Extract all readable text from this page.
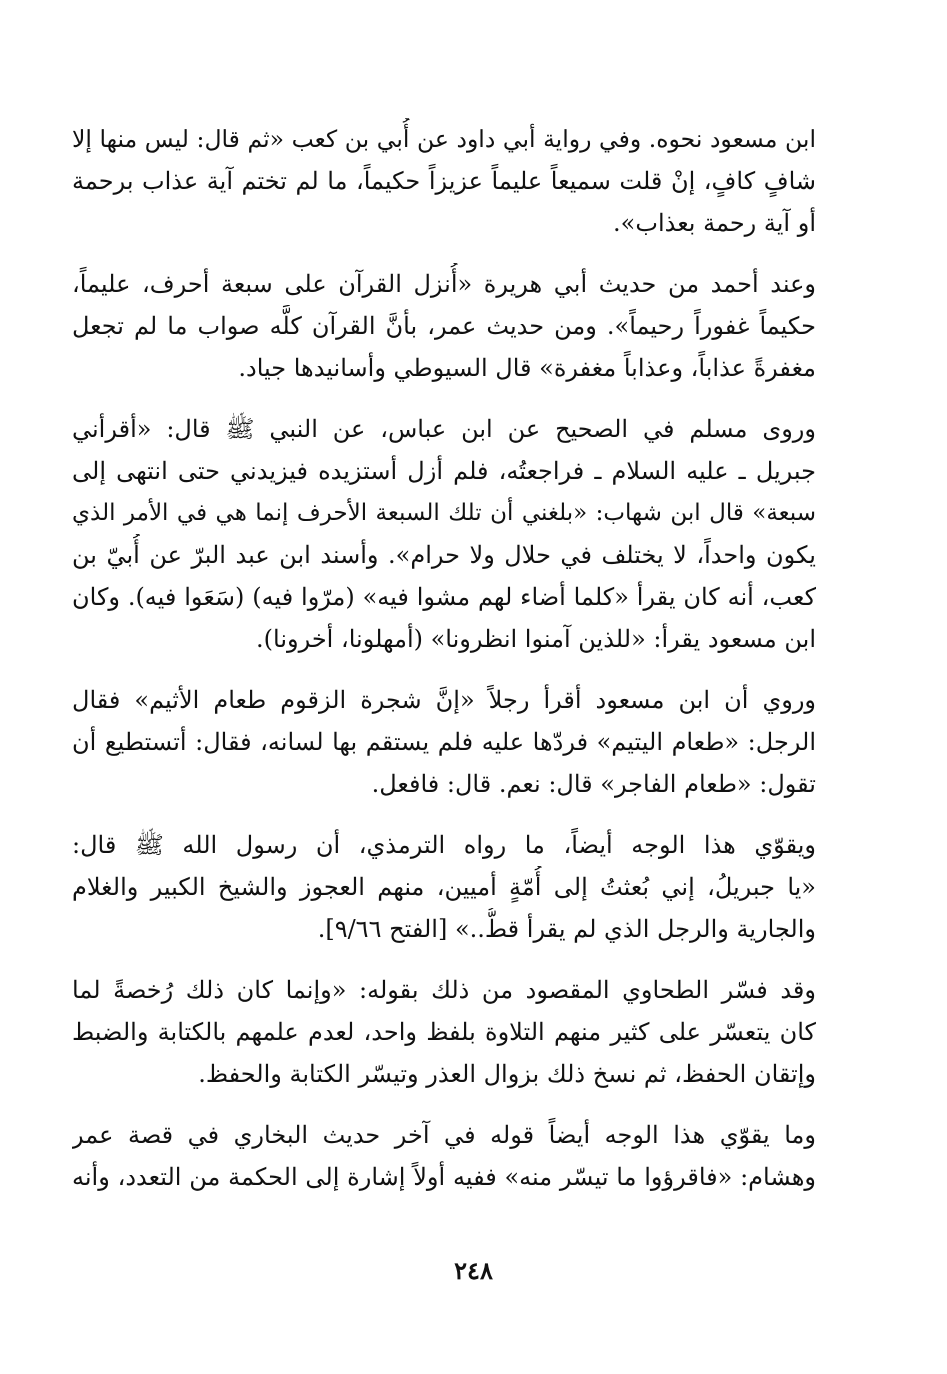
ابن مسعود نحوه. وفي رواية أبي داود عن أُبي بن كعب «ثم قال: ليس منها إلا
شافٍ كافٍ، إنْ قلت سميعاً عليماً عزيزاً حكيماً، ما لم تختم آية عذاب برحمة
أو آية رحمة بعذاب».
وعند أحمد من حديث أبي هريرة «أُنزل القرآن على سبعة أحرف، عليماً،
حكيماً غفوراً رحيماً». ومن حديث عمر، بأنَّ القرآن كلَّه صواب ما لم تجعل
مغفرةً عذاباً، وعذاباً مغفرة» قال السيوطي وأسانيدها جياد.
وروى مسلم في الصحيح عن ابن عباس، عن النبي ﷺ قال: «أقرأني
جبريل ـ عليه السلام ـ فراجعتُه، فلم أزل أستزيده فيزيدني حتى انتهى إلى
سبعة» قال ابن شهاب: «بلغني أن تلك السبعة الأحرف إنما هي في الأمر الذي
يكون واحداً، لا يختلف في حلال ولا حرام». وأسند ابن عبد البرّ عن أُبيّ بن
كعب، أنه كان يقرأ «كلما أضاء لهم مشوا فيه» (مرّوا فيه) (سَعَوا فيه). وكان
ابن مسعود يقرأ: «للذين آمنوا انظرونا» (أمهلونا، أخرونا).
وروي أن ابن مسعود أقرأ رجلاً «إنَّ شجرة الزقوم طعام الأثيم» فقال
الرجل: «طعام اليتيم» فردّها عليه فلم يستقم بها لسانه، فقال: أتستطيع أن
تقول: «طعام الفاجر» قال: نعم. قال: فافعل.
ويقوّي هذا الوجه أيضاً، ما رواه الترمذي، أن رسول الله ﷺ قال:
«يا جبريلُ، إني بُعثتُ إلى أُمّةٍ أميين، منهم العجوز والشيخ الكبير والغلام
والجارية والرجل الذي لم يقرأ قطُّ..» [الفتح ٩/٦٦].
وقد فسّر الطحاوي المقصود من ذلك بقوله: «وإنما كان ذلك رُخصةً لما
كان يتعسّر على كثير منهم التلاوة بلفظ واحد، لعدم علمهم بالكتابة والضبط
وإتقان الحفظ، ثم نسخ ذلك بزوال العذر وتيسّر الكتابة والحفظ.
وما يقوّي هذا الوجه أيضاً قوله في آخر حديث البخاري في قصة عمر
وهشام: «فاقرؤوا ما تيسّر منه» ففيه أولاً إشارة إلى الحكمة من التعدد، وأنه
٢٤٨
